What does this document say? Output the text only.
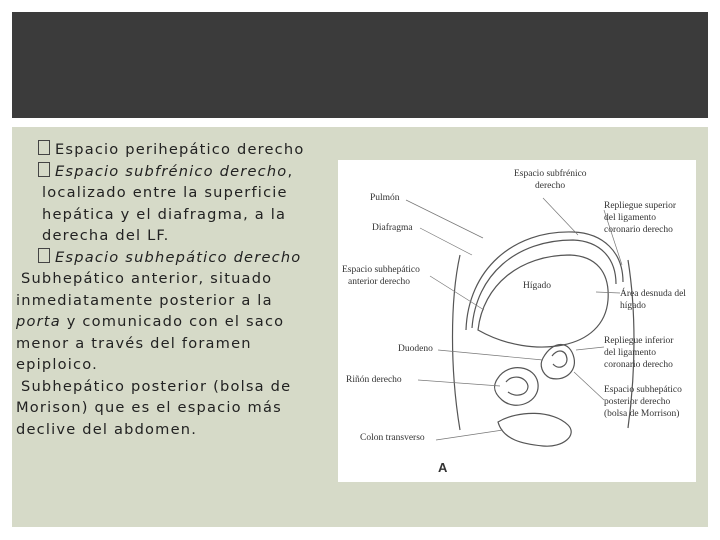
Espacio perihepático derecho
Espacio subfrénico derecho,
localizado entre la superficie
hepática y el diafragma, a la
derecha del LF.
Espacio subhepático derecho
Subhepático anterior, situado
inmediatamente posterior a la
porta y comunicado con el saco
menor a través del foramen
epiploico.
Subhepático posterior (bolsa de
Morison) que es el espacio más
declive del abdomen.
Pulmón
Diafragma
Espacio subhepático
anterior derecho
Duodeno
Riñón derecho
Colon transverso
Espacio subfrénico
derecho
Hígado
Repliegue superior
del ligamento
coronario derecho
Área desnuda del
hígado
Repliegue inferior
del ligamento
coronario derecho
Espacio subhepático
posterior derecho
(bolsa de Morrison)
A
